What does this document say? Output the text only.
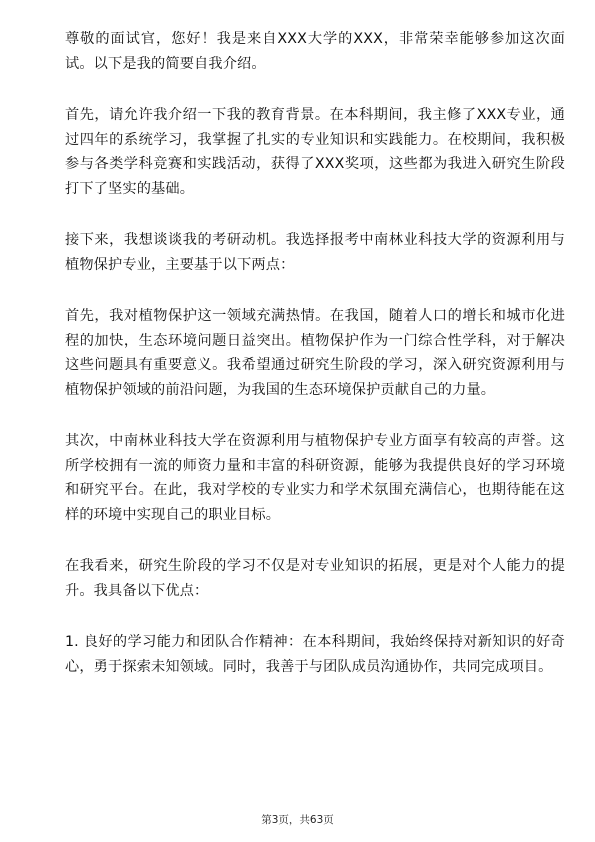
尊敬的面试官，您好！我是来自XXX大学的XXX，非常荣幸能够参加这次面试。以下是我的简要自我介绍。

首先，请允许我介绍一下我的教育背景。在本科期间，我主修了XXX专业，通过四年的系统学习，我掌握了扎实的专业知识和实践能力。在校期间，我积极参与各类学科竞赛和实践活动，获得了XXX奖项，这些都为我进入研究生阶段打下了坚实的基础。

接下来，我想谈谈我的考研动机。我选择报考中南林业科技大学的资源利用与植物保护专业，主要基于以下两点：

首先，我对植物保护这一领域充满热情。在我国，随着人口的增长和城市化进程的加快，生态环境问题日益突出。植物保护作为一门综合性学科，对于解决这些问题具有重要意义。我希望通过研究生阶段的学习，深入研究资源利用与植物保护领域的前沿问题，为我国的生态环境保护贡献自己的力量。

其次，中南林业科技大学在资源利用与植物保护专业方面享有较高的声誉。这所学校拥有一流的师资力量和丰富的科研资源，能够为我提供良好的学习环境和研究平台。在此，我对学校的专业实力和学术氛围充满信心，也期待能在这样的环境中实现自己的职业目标。

在我看来，研究生阶段的学习不仅是对专业知识的拓展，更是对个人能力的提升。我具备以下优点：

1. 良好的学习能力和团队合作精神：在本科期间，我始终保持对新知识的好奇心，勇于探索未知领域。同时，我善于与团队成员沟通协作，共同完成项目。

第3页，共63页
